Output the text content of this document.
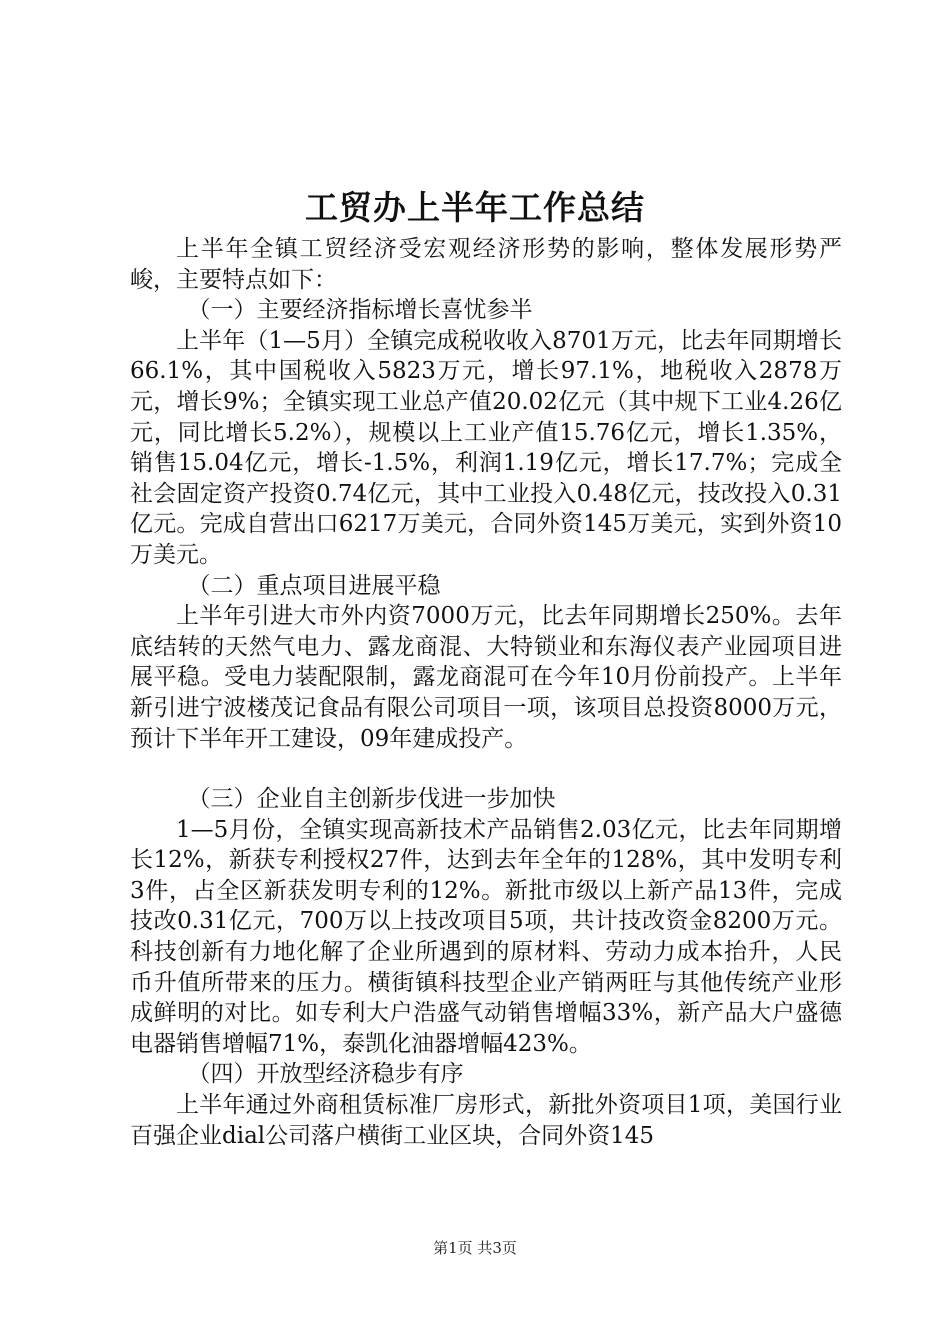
工贸办上半年工作总结

上半年全镇工贸经济受宏观经济形势的影响，整体发展形势严峻，主要特点如下：

（一）主要经济指标增长喜忧参半

上半年（1—5月）全镇完成税收收入8701万元，比去年同期增长66.1%，其中国税收入5823万元，增长97.1%，地税收入2878万元，增长9%；全镇实现工业总产值20.02亿元（其中规下工业4.26亿元，同比增长5.2%），规模以上工业产值15.76亿元，增长1.35%，销售15.04亿元，增长-1.5%，利润1.19亿元，增长17.7%；完成全社会固定资产投资0.74亿元，其中工业投入0.48亿元，技改投入0.31亿元。完成自营出口6217万美元，合同外资145万美元，实到外资10万美元。

（二）重点项目进展平稳

上半年引进大市外内资7000万元，比去年同期增长250%。去年底结转的天然气电力、露龙商混、大特锁业和东海仪表产业园项目进展平稳。受电力装配限制，露龙商混可在今年10月份前投产。上半年新引进宁波楼茂记食品有限公司项目一项，该项目总投资8000万元，预计下半年开工建设，09年建成投产。

（三）企业自主创新步伐进一步加快

1—5月份，全镇实现高新技术产品销售2.03亿元，比去年同期增长12%，新获专利授权27件，达到去年全年的128%，其中发明专利3件，占全区新获发明专利的12%。新批市级以上新产品13件，完成技改0.31亿元，700万以上技改项目5项，共计技改资金8200万元。科技创新有力地化解了企业所遇到的原材料、劳动力成本抬升，人民币升值所带来的压力。横街镇科技型企业产销两旺与其他传统产业形成鲜明的对比。如专利大户浩盛气动销售增幅33%，新产品大户盛德电器销售增幅71%，泰凯化油器增幅423%。

（四）开放型经济稳步有序

上半年通过外商租赁标准厂房形式，新批外资项目1项，美国行业百强企业dial公司落户横街工业区块，合同外资145

第1页 共3页
